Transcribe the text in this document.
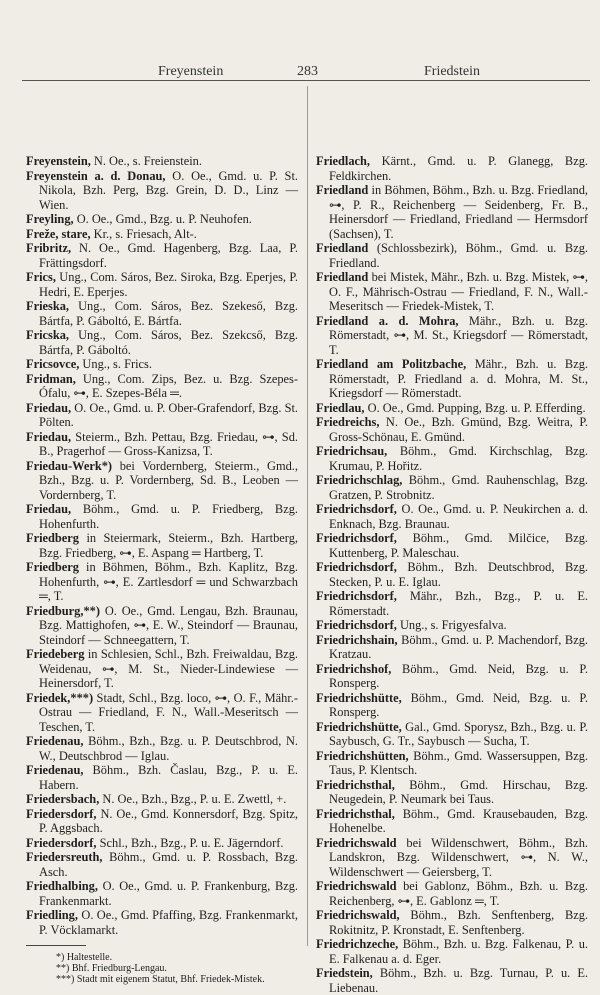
Freyenstein	283	Friedstein
Freyenstein, N. Oe., s. Freienstein.
Freyenstein a. d. Donau, O. Oe., Gmd. u. P. St. Nikola, Bzh. Perg, Bzg. Grein, D. D., Linz — Wien.
Freyling, O. Oe., Gmd., Bzg. u. P. Neuhofen.
Freže, stare, Kr., s. Friesach, Alt-.
Fribritz, N. Oe., Gmd. Hagenberg, Bzg. Laa, P. Frättingsdorf.
Frics, Ung., Com. Sáros, Bez. Siroka, Bzg. Eperjes, P. Hedri, E. Eperjes.
Frieska, Ung., Com. Sáros, Bez. Szekeső, Bzg. Bártfa, P. Gáboltó, E. Bártfa.
Fricska, Ung., Com. Sáros, Bez. Szekcső, Bzg. Bártfa, P. Gáboltó.
Fricsovce, Ung., s. Frics.
Fridman, Ung., Com. Zips, Bez. u. Bzg. Szepes-Ófalu, ⊶, E. Szepes-Béla ═.
Friedau, O. Oe., Gmd. u. P. Ober-Grafendorf, Bzg. St. Pölten.
Friedau, Steierm., Bzh. Pettau, Bzg. Friedau, ⊶, Sd. B., Pragerhof — Gross-Kanizsa, T.
Friedau-Werk*) bei Vordernberg, Steierm., Gmd., Bzh., Bzg. u. P. Vordernberg, Sd. B., Leoben — Vordernberg, T.
Friedau, Böhm., Gmd. u. P. Friedberg, Bzg. Hohenfurth.
Friedberg in Steiermark, Steierm., Bzh. Hartberg, Bzg. Friedberg, ⊶, E. Aspang ═ Hartberg, T.
Friedberg in Böhmen, Böhm., Bzh. Kaplitz, Bzg. Hohenfurth, ⊶, E. Zartlesdorf ═ und Schwarzbach ═, T.
Friedburg,**) O. Oe., Gmd. Lengau, Bzh. Braunau, Bzg. Mattighofen, ⊶, E. W., Steindorf — Braunau, Steindorf — Schneegattern, T.
Friedeberg in Schlesien, Schl., Bzh. Freiwaldau, Bzg. Weidenau, ⊶, M. St., Nieder-Lindewiese — Heinersdorf, T.
Friedek,***) Stadt, Schl., Bzg. loco, ⊶, O. F., Mähr.-Ostrau — Friedland, F. N., Wall.-Meseritsch — Teschen, T.
Friedenau, Böhm., Bzh., Bzg. u. P. Deutschbrod, N. W., Deutschbrod — Iglau.
Friedenau, Böhm., Bzh. Časlau, Bzg., P. u. E. Habern.
Friedersbach, N. Oe., Bzh., Bzg., P. u. E. Zwettl, +.
Friedersdorf, N. Oe., Gmd. Konnersdorf, Bzg. Spitz, P. Aggsbach.
Friedersdorf, Schl., Bzh., Bzg., P. u. E. Jägerndorf.
Friedersreuth, Böhm., Gmd. u. P. Rossbach, Bzg. Asch.
Friedhalbing, O. Oe., Gmd. u. P. Frankenburg, Bzg. Frankenmarkt.
Friedling, O. Oe., Gmd. Pfaffing, Bzg. Frankenmarkt, P. Vöcklamarkt.
*) Haltestelle.
**) Bhf. Friedburg-Lengau.
***) Stadt mit eigenem Statut, Bhf. Friedek-Mistek.
Friedlach, Kärnt., Gmd. u. P. Glanegg, Bzg. Feldkirchen.
Friedland in Böhmen, Böhm., Bzh. u. Bzg. Friedland, ⊶, P. R., Reichenberg — Seidenberg, Fr. B., Heinersdorf — Friedland, Friedland — Hermsdorf (Sachsen), T.
Friedland (Schlossbezirk), Böhm., Gmd. u. Bzg. Friedland.
Friedland bei Mistek, Mähr., Bzh. u. Bzg. Mistek, ⊶, O. F., Mährisch-Ostrau — Friedland, F. N., Wall.-Meseritsch — Friedek-Mistek, T.
Friedland a. d. Mohra, Mähr., Bzh. u. Bzg. Römerstadt, ⊶, M. St., Kriegsdorf — Römerstadt, T.
Friedland am Politzbache, Mähr., Bzh. u. Bzg. Römerstadt, P. Friedland a. d. Mohra, M. St., Kriegsdorf — Römerstadt.
Friedlau, O. Oe., Gmd. Pupping, Bzg. u. P. Efferding.
Friedreichs, N. Oe., Bzh. Gmünd, Bzg. Weitra, P. Gross-Schönau, E. Gmünd.
Friedrichsau, Böhm., Gmd. Kirchschlag, Bzg. Krumau, P. Hořitz.
Friedrichschlag, Böhm., Gmd. Rauhenschlag, Bzg. Gratzen, P. Strobnitz.
Friedrichsdorf, O. Oe., Gmd. u. P. Neukirchen a. d. Enknach, Bzg. Braunau.
Friedrichsdorf, Böhm., Gmd. Milčice, Bzg. Kuttenberg, P. Maleschau.
Friedrichsdorf, Böhm., Bzh. Deutschbrod, Bzg. Stecken, P. u. E. Iglau.
Friedrichsdorf, Mähr., Bzh., Bzg., P. u. E. Römerstadt.
Friedrichsdorf, Ung., s. Frigyesfalva.
Friedrichshain, Böhm., Gmd. u. P. Machendorf, Bzg. Kratzau.
Friedrichshof, Böhm., Gmd. Neid, Bzg. u. P. Ronsperg.
Friedrichshütte, Böhm., Gmd. Neid, Bzg. u. P. Ronsperg.
Friedrichshütte, Gal., Gmd. Sporysz, Bzh., Bzg. u. P. Saybusch, G. Tr., Saybusch — Sucha, T.
Friedrichshütten, Böhm., Gmd. Wassersuppen, Bzg. Taus, P. Klentsch.
Friedrichsthal, Böhm., Gmd. Hirschau, Bzg. Neugedein, P. Neumark bei Taus.
Friedrichsthal, Böhm., Gmd. Krausebauden, Bzg. Hohenelbe.
Friedrichswald bei Wildenschwert, Böhm., Bzh. Landskron, Bzg. Wildenschwert, ⊶, N. W., Wildenschwert — Geiersberg, T.
Friedrichswald bei Gablonz, Böhm., Bzh. u. Bzg. Reichenberg, ⊶, E. Gablonz ═, T.
Friedrichswald, Böhm., Bzh. Senftenberg, Bzg. Rokitnitz, P. Kronstadt, E. Senftenberg.
Friedrichzeche, Böhm., Bzh. u. Bzg. Falkenau, P. u. E. Falkenau a. d. Eger.
Friedstein, Böhm., Bzh. u. Bzg. Turnau, P. u. E. Liebenau.
